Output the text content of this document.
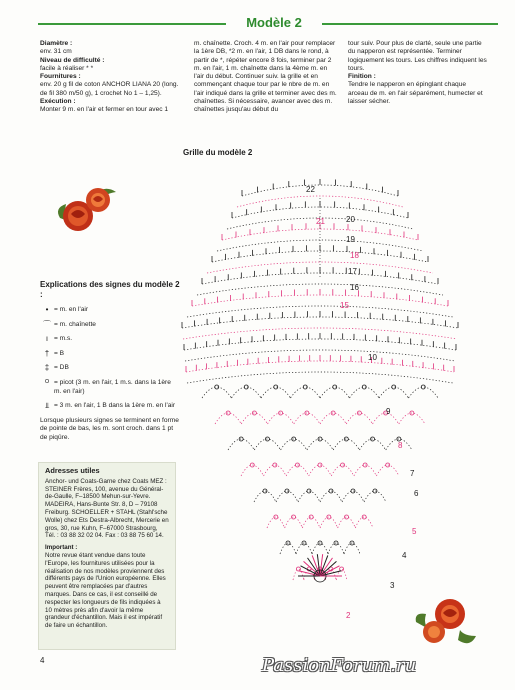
Modèle 2
Diamètre :
env. 31 cm
Niveau de difficulté :
facile à réaliser * *
Fournitures :
env. 20 g fil de coton ANCHOR LIANA 20 (long. de fil 380 m/50 g), 1 crochet No 1 – 1,25).
Exécution :
Monter 9 m. en l'air et fermer en tour avec 1
m. chaînette. Croch. 4 m. en l'air pour remplacer la 1ère DB, *2 m. en l'air, 1 DB dans le rond, à partir de *, répéter encore 8 fois, terminer par 2 m. en l'air, 1 m. chaînette dans la 4ème m. en l'air du début. Continuer suiv. la grille et en commençant chaque tour par le nbre de m. en l'air indiqué dans la grille et terminer avec des m. chaînettes. Si nécessaire, avancer avec des m. chaînettes jusqu'au début du
tour suiv. Pour plus de clarté, seule une partie du napperon est représentée. Terminer logiquement les tours. Les chiffres indiquent les tours.
Finition :
Tendre le napperon en épinglant chaque arceau de m. en l'air séparément, humecter et laisser sécher.
Grille du modèle 2
22
21	20
19
18
17
16
15
10
9
8
7
6
5
4
3
2
Explications des signes du modèle 2 :
• = m. en l'air
⌒ = m. chaînette
ı = m.s.
† = B
‡ = DB
ᴼ = picot (3 m. en l'air, 1 m.s. dans la 1ère m. en l'air)
⫫ = 3 m. en l'air, 1 B dans la 1ère m. en l'air
Lorsque plusieurs signes se terminent en forme de pointe de bas, les m. sont croch. dans 1 pt de piqûre.
Adresses utiles
Anchor- und Coats-Garne chez Coats MEZ : STEINER Frères, 100, avenue du Général-de-Gaulle, F–18500 Mehun-sur-Yevre. MADEIRA, Hans-Bunte Str. 8, D – 79108 Freiburg. SCHOELLER + STAHL (Stahl'sche Wolle) chez Ets Destra-Albrecht, Mercerie en gros, 30, rue Kuhn, F–67000 Strasbourg, Tél. : 03 88 32 02 04. Fax : 03 88 75 60 14.
Important :
Notre revue étant vendue dans toute l'Europe, les fournitures utilisées pour la réalisation de nos modèles proviennent des différents pays de l'Union européenne. Elles peuvent être remplacées par d'autres marques. Dans ce cas, il est conseillé de respecter les longueurs de fils indiquées à 10 mètres près afin d'avoir la même grandeur d'échantillon. Mais il est impératif de faire un échantillon.
4	PassionForum.ru
